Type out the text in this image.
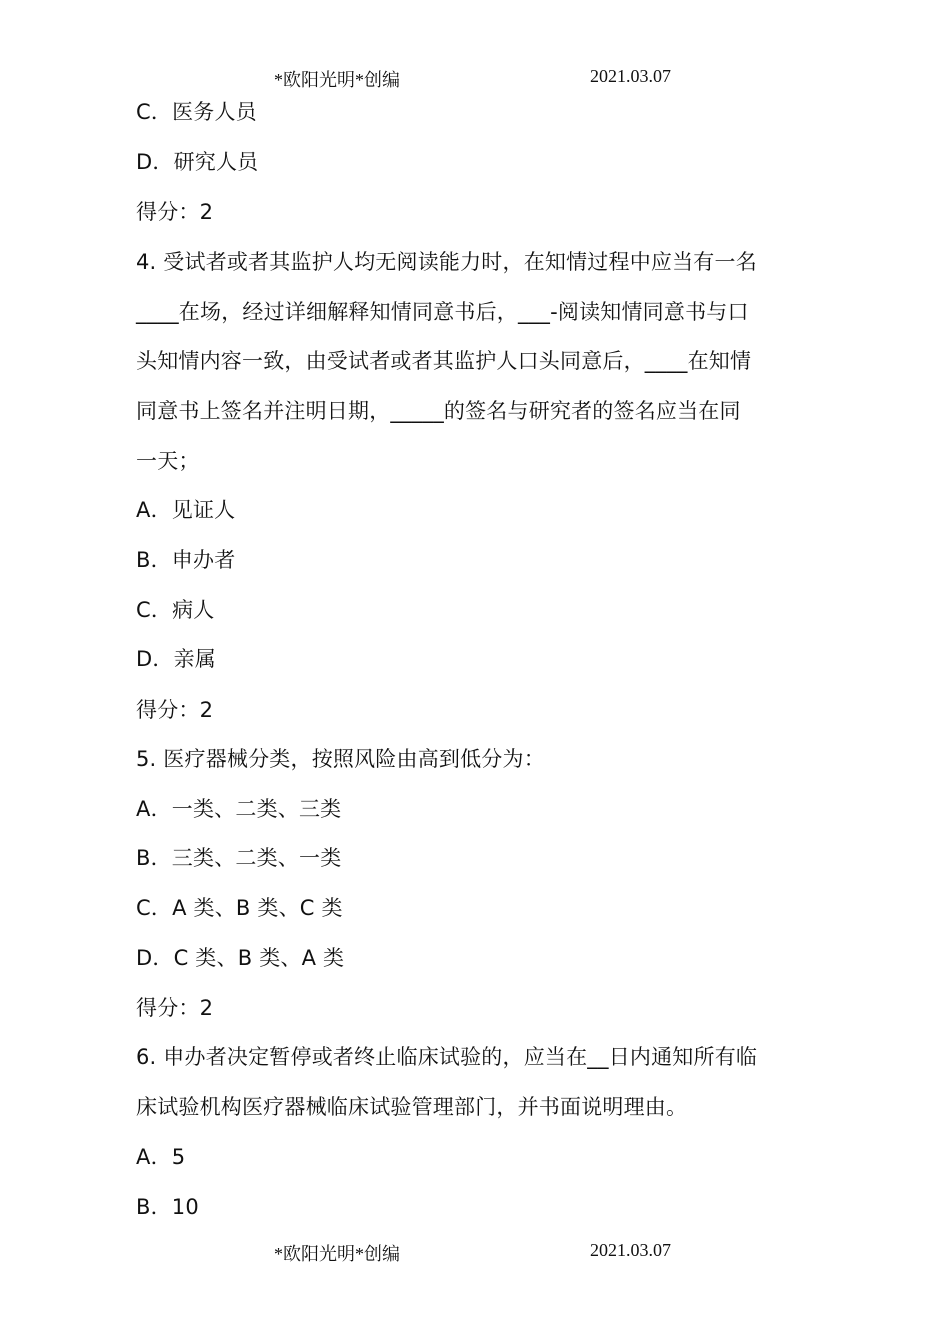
*欧阳光明*创编	2021.03.07
C．医务人员
D．研究人员
得分：2
4. 受试者或者其监护人均无阅读能力时，在知情过程中应当有一名
____在场，经过详细解释知情同意书后，___-阅读知情同意书与口
头知情内容一致，由受试者或者其监护人口头同意后，____在知情
同意书上签名并注明日期，_____的签名与研究者的签名应当在同
一天；
A．见证人
B．申办者
C．病人
D．亲属
得分：2
5. 医疗器械分类，按照风险由高到低分为：
A．一类、二类、三类
B．三类、二类、一类
C．A 类、B 类、C 类
D．C 类、B 类、A 类
得分：2
6. 申办者决定暂停或者终止临床试验的，应当在__日内通知所有临
床试验机构医疗器械临床试验管理部门，并书面说明理由。
A．5
B．10
*欧阳光明*创编	2021.03.07
